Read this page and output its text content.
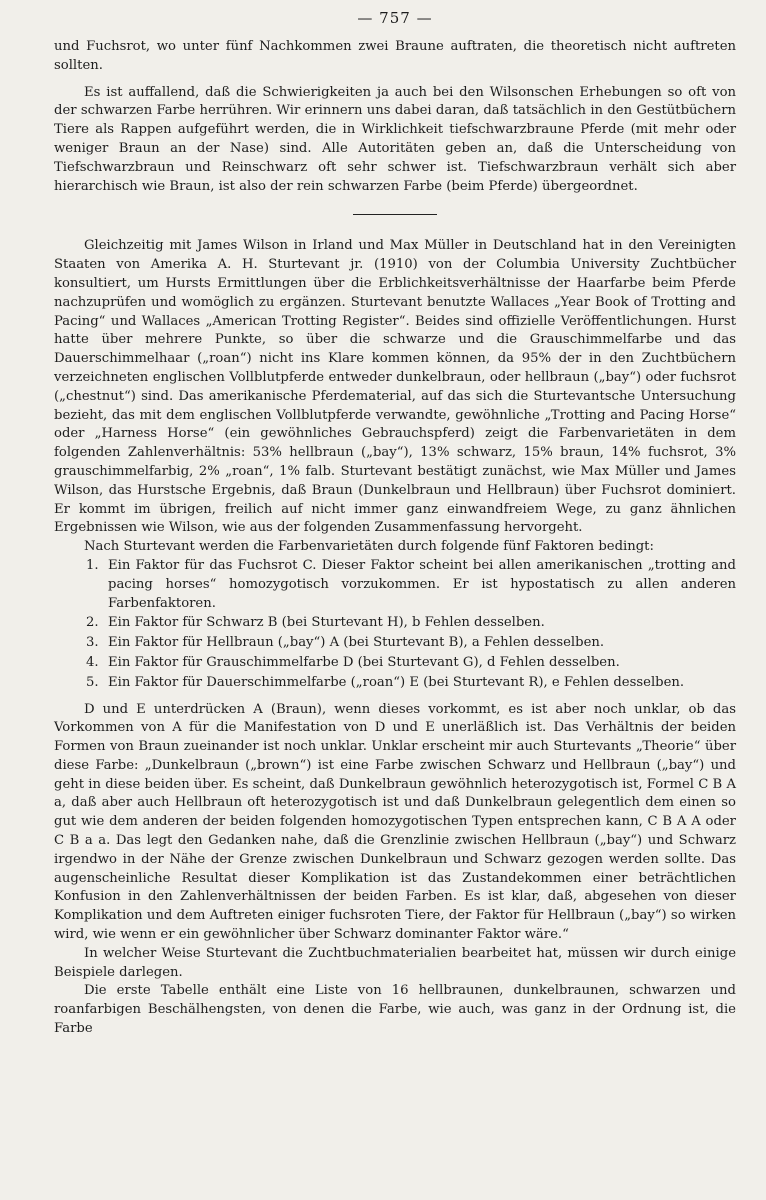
— 757 —

und Fuchsrot, wo unter fünf Nachkommen zwei Braune auftraten, die theoretisch nicht auftreten sollten.

Es ist auffallend, daß die Schwierigkeiten ja auch bei den Wilsonschen Erhebungen so oft von der schwarzen Farbe herrühren. Wir erinnern uns dabei daran, daß tatsächlich in den Gestütbüchern Tiere als Rappen aufgeführt werden, die in Wirklichkeit tiefschwarzbraune Pferde (mit mehr oder weniger Braun an der Nase) sind. Alle Autoritäten geben an, daß die Unterscheidung von Tiefschwarzbraun und Reinschwarz oft sehr schwer ist. Tiefschwarzbraun verhält sich aber hierarchisch wie Braun, ist also der rein schwarzen Farbe (beim Pferde) übergeordnet.

Gleichzeitig mit James Wilson in Irland und Max Müller in Deutschland hat in den Vereinigten Staaten von Amerika A. H. Sturtevant jr. (1910) von der Columbia University Zuchtbücher konsultiert, um Hursts Ermittlungen über die Erblichkeitsverhältnisse der Haarfarbe beim Pferde nachzuprüfen und womöglich zu ergänzen. Sturtevant benutzte Wallaces „Year Book of Trotting and Pacing“ und Wallaces „American Trotting Register“. Beides sind offizielle Veröffentlichungen. Hurst hatte über mehrere Punkte, so über die schwarze und die Grauschimmelfarbe und das Dauerschimmelhaar („roan“) nicht ins Klare kommen können, da 95% der in den Zuchtbüchern verzeichneten englischen Vollblutpferde entweder dunkelbraun, oder hellbraun („bay“) oder fuchsrot („chestnut“) sind. Das amerikanische Pferdematerial, auf das sich die Sturtevantsche Untersuchung bezieht, das mit dem englischen Vollblutpferde verwandte, gewöhnliche „Trotting and Pacing Horse“ oder „Harness Horse“ (ein gewöhnliches Gebrauchspferd) zeigt die Farbenvarietäten in dem folgenden Zahlenverhältnis: 53% hellbraun („bay“), 13% schwarz, 15% braun, 14% fuchsrot, 3% grauschimmelfarbig, 2% „roan“, 1% falb. Sturtevant bestätigt zunächst, wie Max Müller und James Wilson, das Hurstsche Ergebnis, daß Braun (Dunkelbraun und Hellbraun) über Fuchsrot dominiert. Er kommt im übrigen, freilich auf nicht immer ganz einwandfreiem Wege, zu ganz ähnlichen Ergebnissen wie Wilson, wie aus der folgenden Zusammenfassung hervorgeht.

Nach Sturtevant werden die Farbenvarietäten durch folgende fünf Faktoren bedingt:

1. Ein Faktor für das Fuchsrot C. Dieser Faktor scheint bei allen amerikanischen „trotting and pacing horses“ homozygotisch vorzukommen. Er ist hypostatisch zu allen anderen Farbenfaktoren.
2. Ein Faktor für Schwarz B (bei Sturtevant H), b Fehlen desselben.
3. Ein Faktor für Hellbraun („bay“) A (bei Sturtevant B), a Fehlen desselben.
4. Ein Faktor für Grauschimmelfarbe D (bei Sturtevant G), d Fehlen desselben.
5. Ein Faktor für Dauerschimmelfarbe („roan“) E (bei Sturtevant R), e Fehlen desselben.

D und E unterdrücken A (Braun), wenn dieses vorkommt, es ist aber noch unklar, ob das Vorkommen von A für die Manifestation von D und E unerläßlich ist. Das Verhältnis der beiden Formen von Braun zueinander ist noch unklar. Unklar erscheint mir auch Sturtevants „Theorie“ über diese Farbe: „Dunkelbraun („brown“) ist eine Farbe zwischen Schwarz und Hellbraun („bay“) und geht in diese beiden über. Es scheint, daß Dunkelbraun gewöhnlich heterozygotisch ist, Formel C B A a, daß aber auch Hellbraun oft heterozygotisch ist und daß Dunkelbraun gelegentlich dem einen so gut wie dem anderen der beiden folgenden homozygotischen Typen entsprechen kann, C B A A oder C B a a. Das legt den Gedanken nahe, daß die Grenzlinie zwischen Hellbraun („bay“) und Schwarz irgendwo in der Nähe der Grenze zwischen Dunkelbraun und Schwarz gezogen werden sollte. Das augenscheinliche Resultat dieser Komplikation ist das Zustandekommen einer beträchtlichen Konfusion in den Zahlenverhältnissen der beiden Farben. Es ist klar, daß, abgesehen von dieser Komplikation und dem Auftreten einiger fuchsroten Tiere, der Faktor für Hellbraun („bay“) so wirken wird, wie wenn er ein gewöhnlicher über Schwarz dominanter Faktor wäre.“

In welcher Weise Sturtevant die Zuchtbuchmaterialien bearbeitet hat, müssen wir durch einige Beispiele darlegen.

Die erste Tabelle enthält eine Liste von 16 hellbraunen, dunkelbraunen, schwarzen und roanfarbigen Beschälhengsten, von denen die Farbe, wie auch, was ganz in der Ordnung ist, die Farbe
